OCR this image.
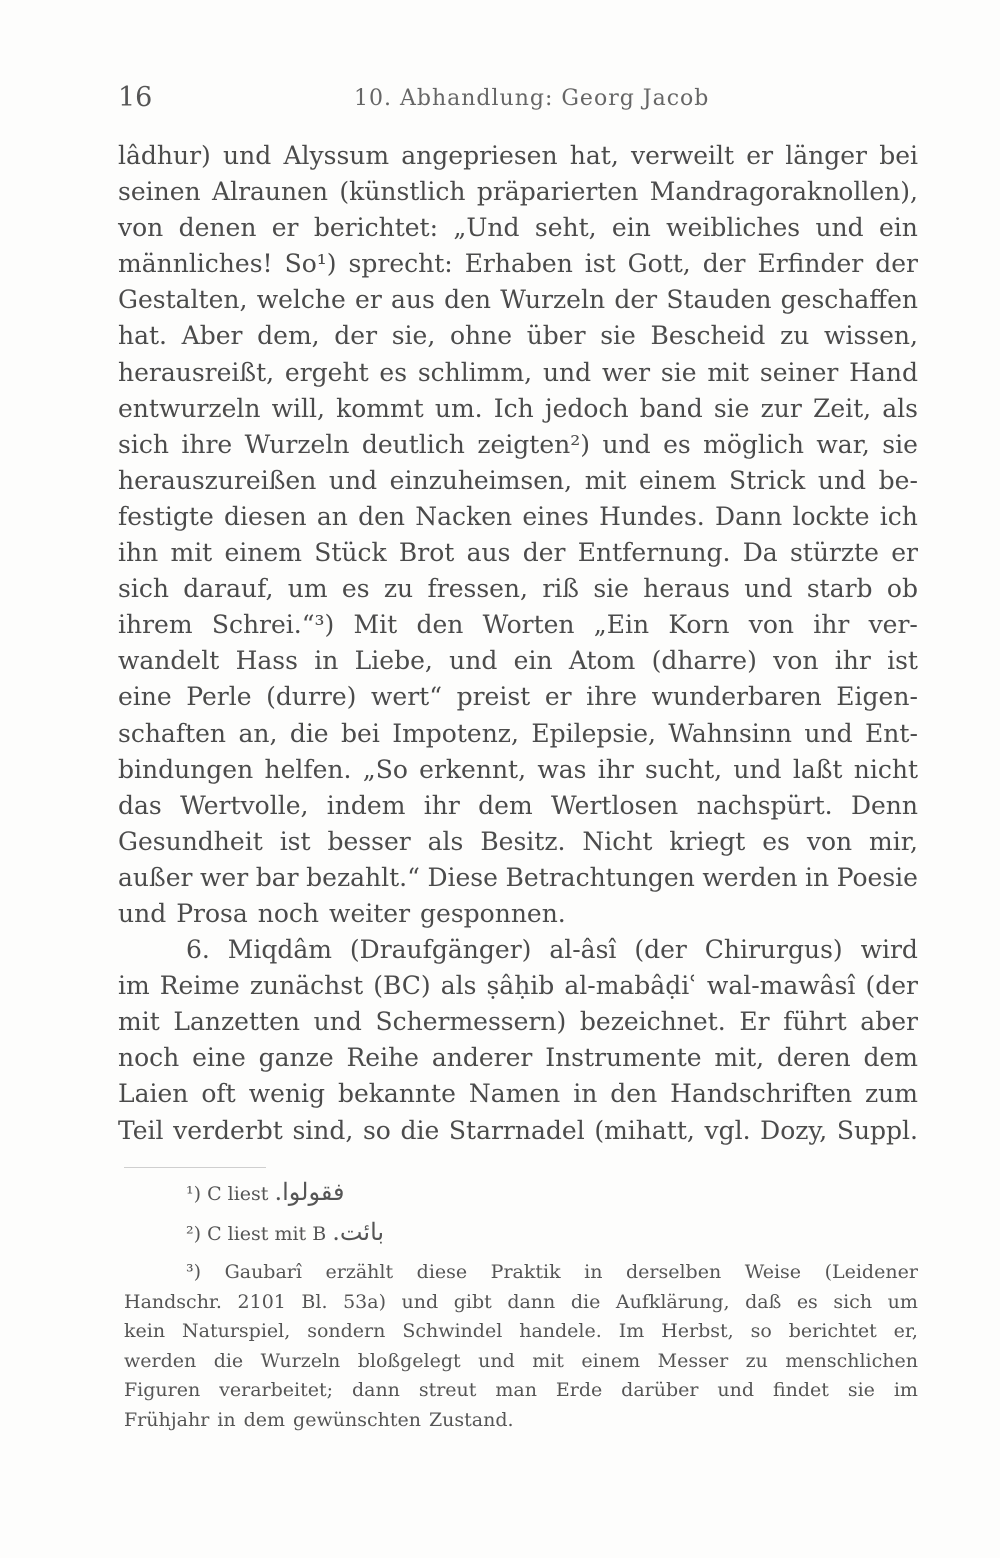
16	10. Abhandlung: Georg Jacob
lâdhur) und Alyssum angepriesen hat, verweilt er länger bei
seinen Alraunen (künstlich präparierten Mandragoraknollen),
von denen er berichtet: „Und seht, ein weibliches und ein
männliches! So¹) sprecht: Erhaben ist Gott, der Erfinder der
Gestalten, welche er aus den Wurzeln der Stauden geschaffen
hat. Aber dem, der sie, ohne über sie Bescheid zu wissen,
herausreißt, ergeht es schlimm, und wer sie mit seiner Hand
entwurzeln will, kommt um. Ich jedoch band sie zur Zeit, als
sich ihre Wurzeln deutlich zeigten²) und es möglich war, sie
herauszureißen und einzuheimsen, mit einem Strick und be-
festigte diesen an den Nacken eines Hundes. Dann lockte ich
ihn mit einem Stück Brot aus der Entfernung. Da stürzte er
sich darauf, um es zu fressen, riß sie heraus und starb ob
ihrem Schrei.“³) Mit den Worten „Ein Korn von ihr ver-
wandelt Hass in Liebe, und ein Atom (dharre) von ihr ist
eine Perle (durre) wert“ preist er ihre wunderbaren Eigen-
schaften an, die bei Impotenz, Epilepsie, Wahnsinn und Ent-
bindungen helfen. „So erkennt, was ihr sucht, und laßt nicht
das Wertvolle, indem ihr dem Wertlosen nachspürt. Denn
Gesundheit ist besser als Besitz. Nicht kriegt es von mir,
außer wer bar bezahlt.“ Diese Betrachtungen werden in Poesie
und Prosa noch weiter gesponnen.
6. Miqdâm (Draufgänger) al-âsî (der Chirurgus) wird
im Reime zunächst (BC) als ṣâḥib al-mabâḍiʿ wal-mawâsî (der
mit Lanzetten und Schermessern) bezeichnet. Er führt aber
noch eine ganze Reihe anderer Instrumente mit, deren dem
Laien oft wenig bekannte Namen in den Handschriften zum
Teil verderbt sind, so die Starrnadel (mihatt, vgl. Dozy, Suppl.
¹) C liest فقولوا.
²) C liest mit B بائت.
³) Gaubarî erzählt diese Praktik in derselben Weise (Leidener
Handschr. 2101 Bl. 53a) und gibt dann die Aufklärung, daß es sich um
kein Naturspiel, sondern Schwindel handele. Im Herbst, so berichtet er,
werden die Wurzeln bloßgelegt und mit einem Messer zu menschlichen
Figuren verarbeitet; dann streut man Erde darüber und findet sie im
Frühjahr in dem gewünschten Zustand.
